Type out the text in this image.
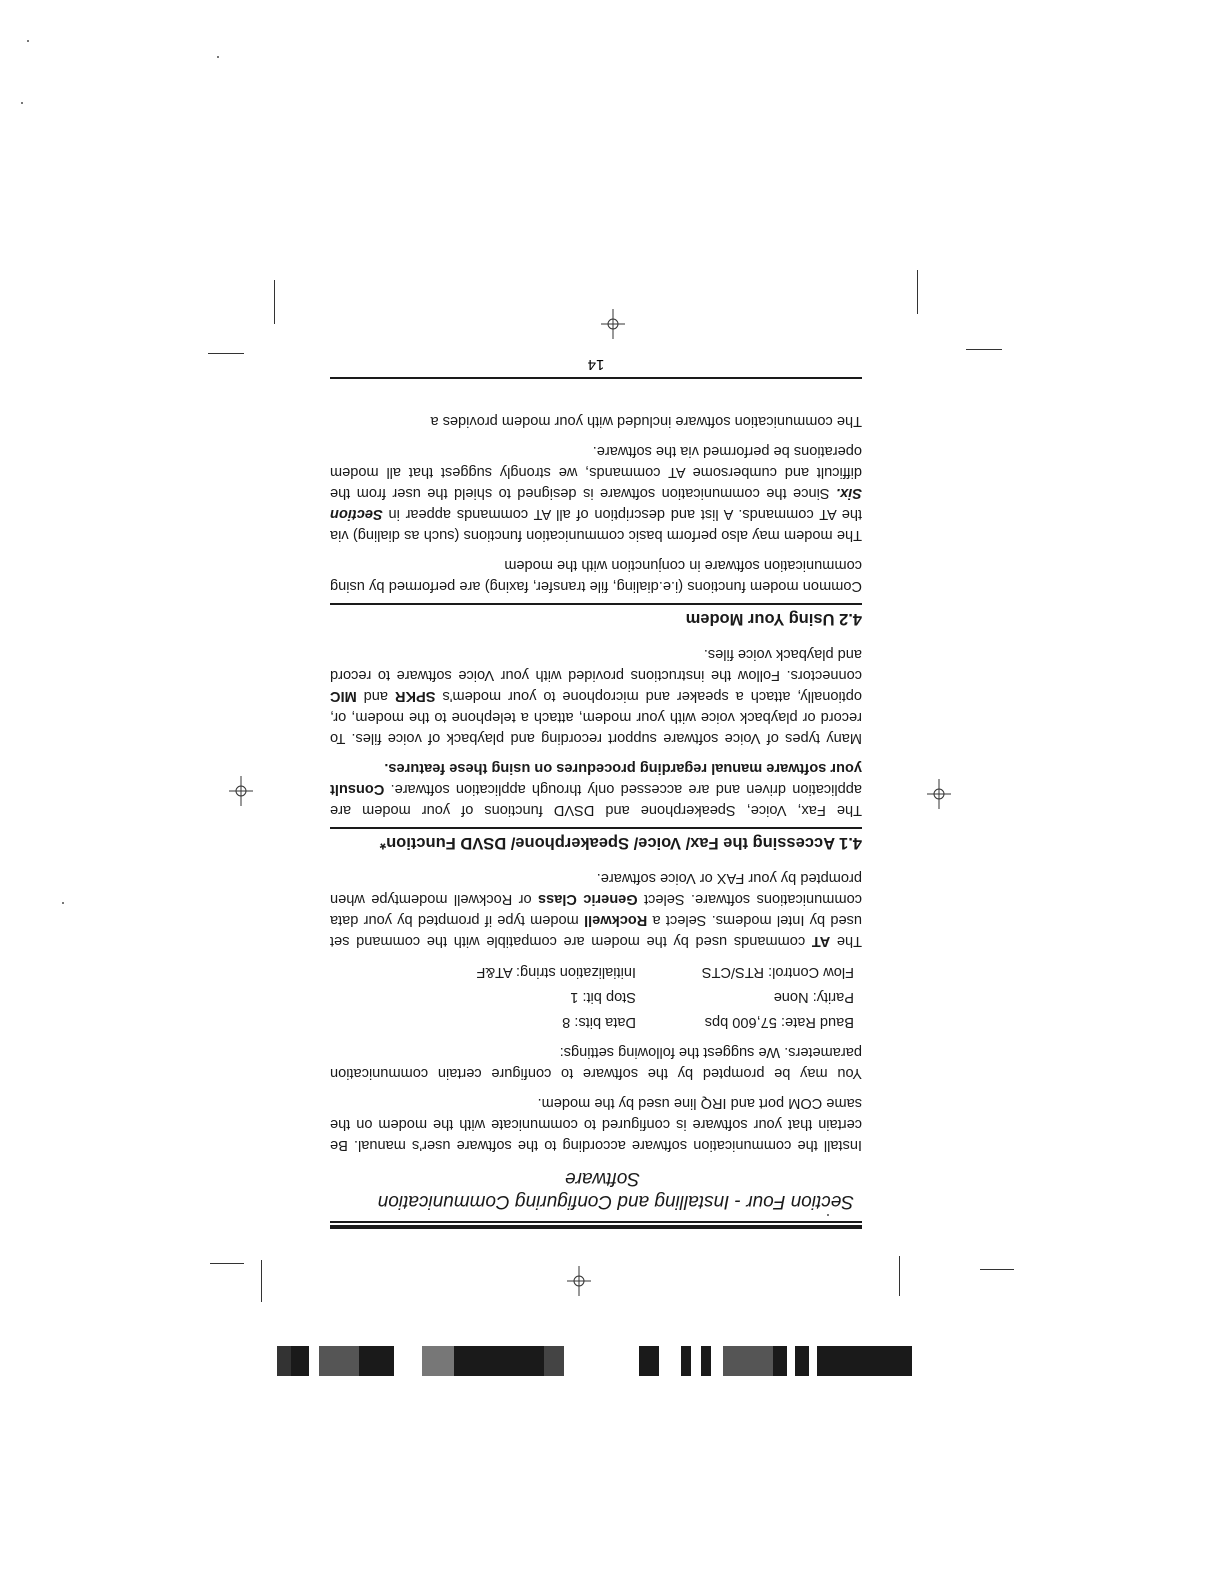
Section Four - Installing and Configuring Communication
Software

Install the communication software according to the software user's manual. Be certain that your software is configured to communicate with the modem on the same COM port and IRQ line used by the modem.

You may be prompted by the software to configure certain communication parameters. We suggest the following settings:

Baud Rate: 57,600 bps
Data bits: 8
Parity: None
Stop bit: 1
Flow Control: RTS/CTS
Initialization string: AT&F

The AT commands used by the modem are compatible with the command set used by Intel modems. Select a Rockwell modem type if prompted by your data communications software. Select Generic Class or Rockwell modemtype when prompted by your FAX or Voice software.

4.1 Accessing the Fax/ Voice/ Speakerphone/ DSVD Function*

The Fax, Voice, Speakerphone and DSVD functions of your modem are application driven and are accessed only through application software. Consult your software manual regarding procedures on using these features.

Many types of Voice software support recording and playback of voice files. To record or playback voice with your modem, attach a telephone to the modem, or, optionally, attach a speaker and microphone to your modem's SPKR and MIC connectors. Follow the instructions provided with your Voice software to record and playback voice files.

4.2 Using Your Modem

Common modem functions (i.e.dialing, file transfer, faxing) are performed by using communication software in conjunction with the modem

The modem may also perform basic communication functions (such as dialing) via the AT commands. A list and description of all AT commands appear in Section Six. Since the communication software is designed to shield the user from the difficult and cumbersome AT commands, we strongly suggest that all modem operations be performed via the software.

The communication software included with your modem provides a

14
